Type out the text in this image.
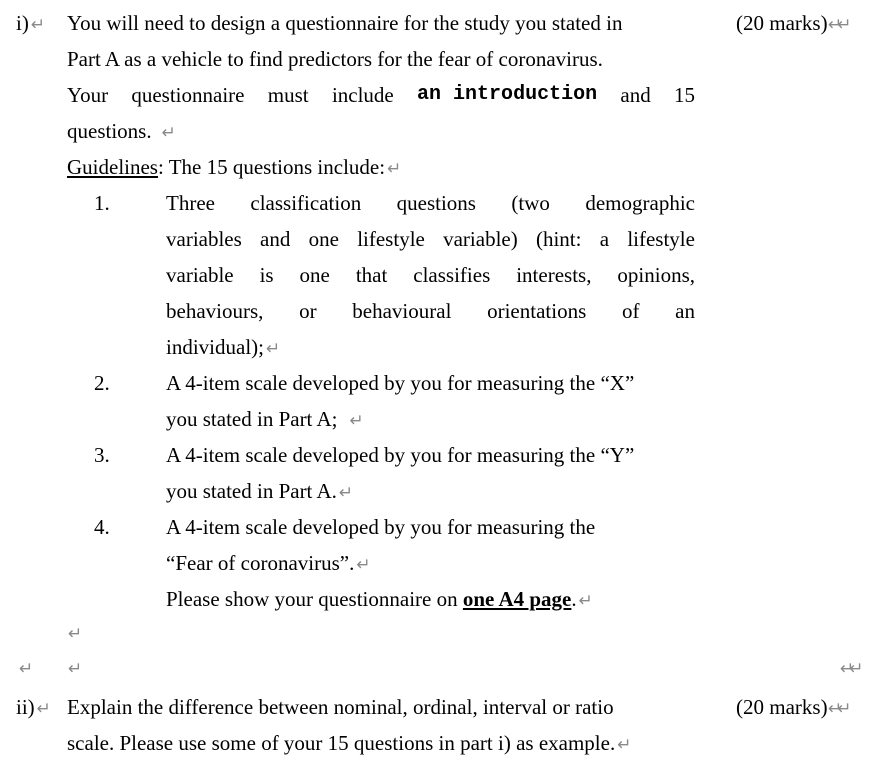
i) ↵ You will need to design a questionnaire for the study you stated in	(20 marks) ↵↵
Part A as a vehicle to find predictors for the fear of coronavirus.
Your questionnaire must include an introduction and 15
questions. ↵
Guidelines: The 15 questions include: ↵
1.	Three classification questions (two demographic
variables and one lifestyle variable) (hint: a lifestyle
variable is one that classifies interests, opinions,
behaviours, or behavioural orientations of an
individual); ↵
2.	A 4-item scale developed by you for measuring the “X”
you stated in Part A; ↵
3.	A 4-item scale developed by you for measuring the “Y”
you stated in Part A. ↵
4.	A 4-item scale developed by you for measuring the
“Fear of coronavirus”. ↵
Please show your questionnaire on one A4 page. ↵
↵
↵ ↵	↵↵
ii) ↵ Explain the difference between nominal, ordinal, interval or ratio	(20 marks) ↵↵
scale. Please use some of your 15 questions in part i) as example. ↵
